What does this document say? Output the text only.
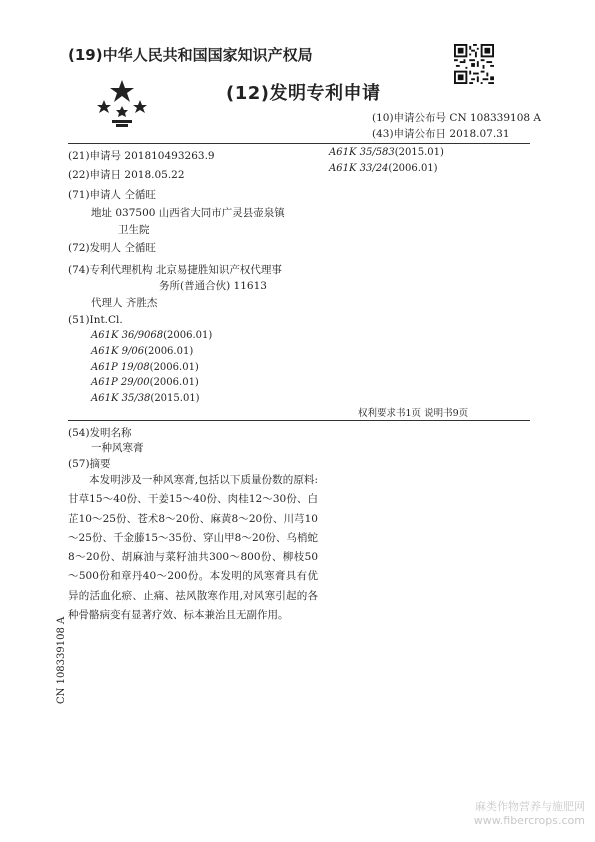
(19)中华人民共和国国家知识产权局
(12)发明专利申请
(10)申请公布号 CN 108339108 A
(43)申请公布日 2018.07.31
(21)申请号 201810493263.9
(22)申请日 2018.05.22
(71)申请人 仝循旺
地址 037500 山西省大同市广灵县壶泉镇
卫生院
(72)发明人 仝循旺
(74)专利代理机构 北京易捷胜知识产权代理事
务所(普通合伙) 11613
代理人 齐胜杰
(51)Int.Cl.
A61K 36/9068(2006.01)
A61K 9/06(2006.01)
A61P 19/08(2006.01)
A61P 29/00(2006.01)
A61K 35/38(2015.01)
A61K 35/583(2015.01)
A61K 33/24(2006.01)
权利要求书1页 说明书9页
(54)发明名称
一种风寒膏
(57)摘要
本发明涉及一种风寒膏,包括以下质量份数的原料:甘草15～40份、干姜15～40份、肉桂12～30份、白芷10～25份、苍术8～20份、麻黄8～20份、川芎10～25份、千金藤15～35份、穿山甲8～20份、乌梢蛇8～20份、胡麻油与菜籽油共300～800份、柳枝50～500份和章丹40～200份。本发明的风寒膏具有优异的活血化瘀、止痛、祛风散寒作用,对风寒引起的各种骨骼病变有显著疗效、标本兼治且无副作用。
CN 108339108 A
麻类作物营养与施肥网
www.fibercrops.com
